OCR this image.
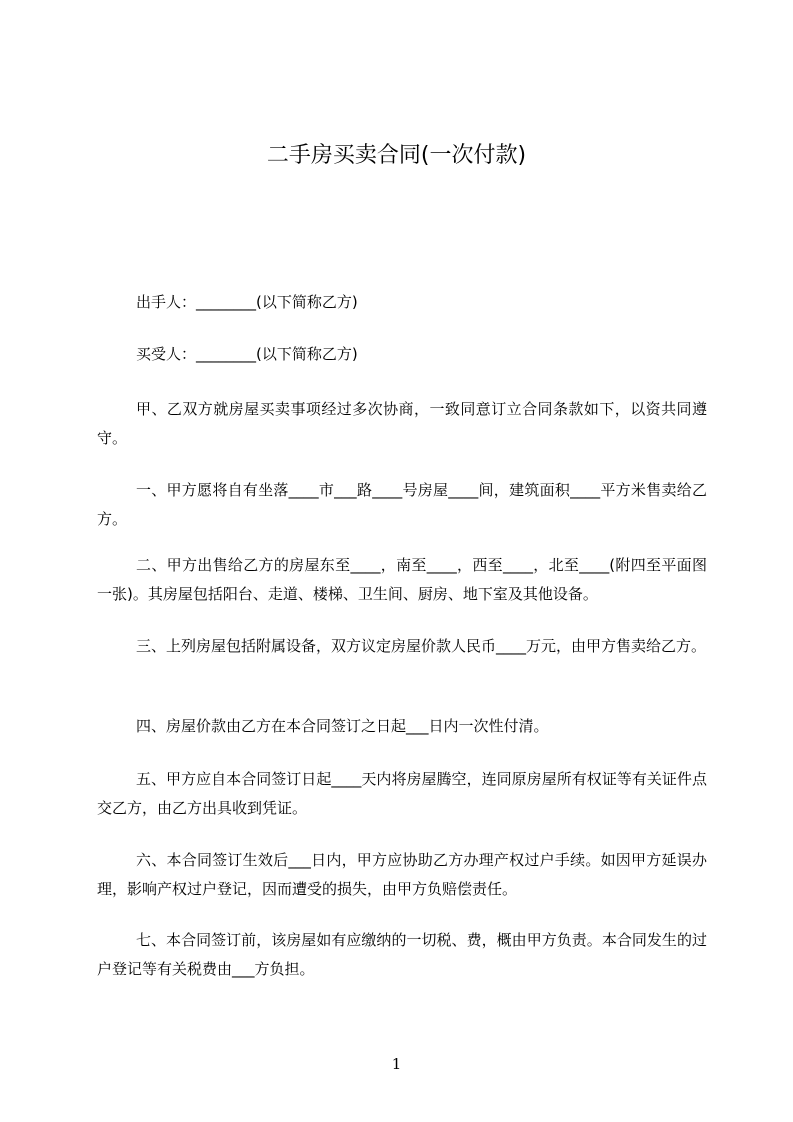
二手房买卖合同(一次付款)

出手人：________(以下简称乙方)

买受人：________(以下简称乙方)

甲、乙双方就房屋买卖事项经过多次协商，一致同意订立合同条款如下，以资共同遵守。

一、甲方愿将自有坐落____市___路____号房屋____间，建筑面积____平方米售卖给乙方。

二、甲方出售给乙方的房屋东至____，南至____，西至____，北至____(附四至平面图一张)。其房屋包括阳台、走道、楼梯、卫生间、厨房、地下室及其他设备。

三、上列房屋包括附属设备，双方议定房屋价款人民币____万元，由甲方售卖给乙方。

四、房屋价款由乙方在本合同签订之日起___日内一次性付清。

五、甲方应自本合同签订日起____天内将房屋腾空，连同原房屋所有权证等有关证件点交乙方，由乙方出具收到凭证。

六、本合同签订生效后___日内，甲方应协助乙方办理产权过户手续。如因甲方延误办理，影响产权过户登记，因而遭受的损失，由甲方负赔偿责任。

七、本合同签订前，该房屋如有应缴纳的一切税、费，概由甲方负责。本合同发生的过户登记等有关税费由___方负担。

1
